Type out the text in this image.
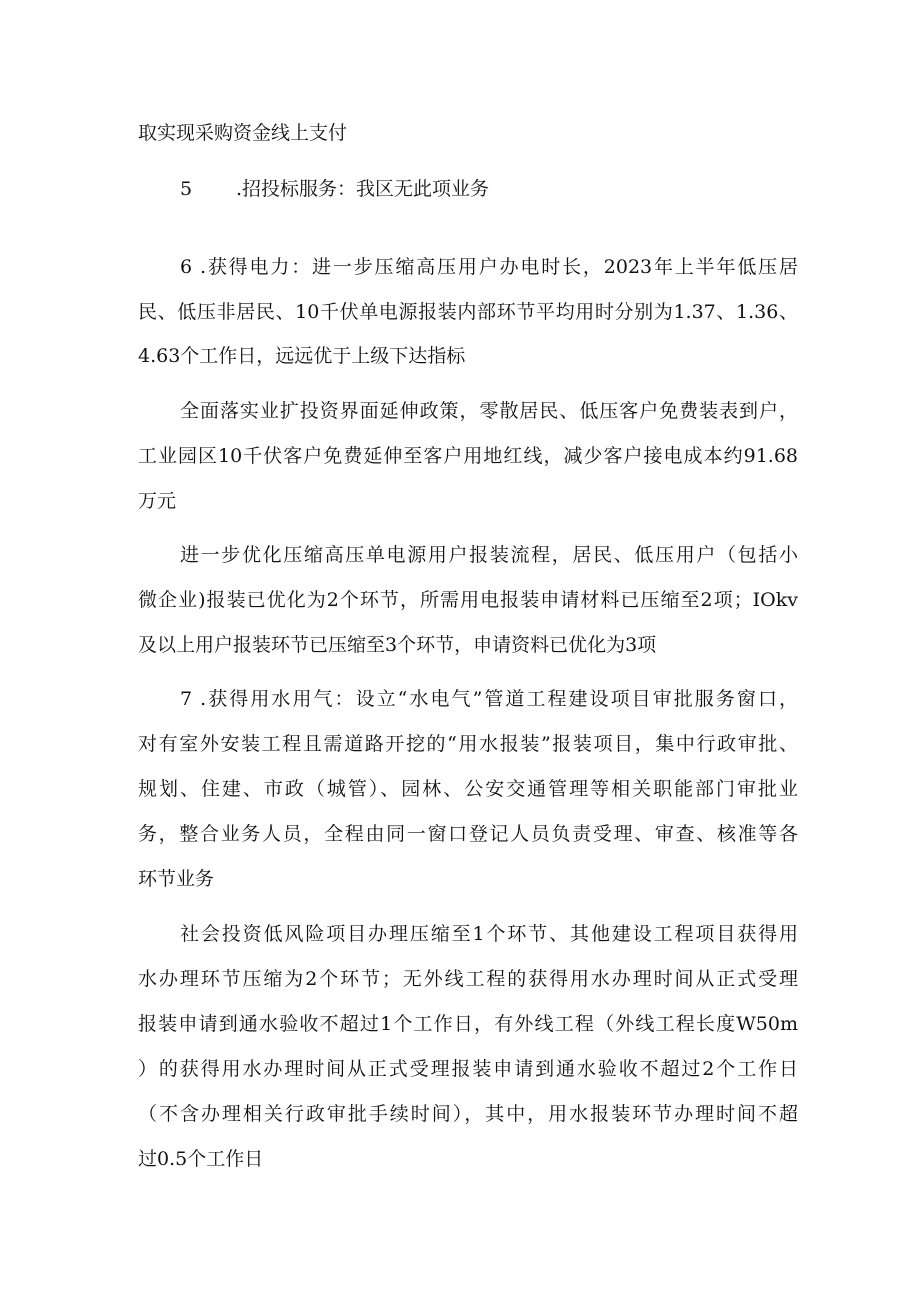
取实现采购资金线上支付
5 .招投标服务：我区无此项业务
6 .获得电力：进一步压缩高压用户办电时长，2023年上半年低压居
民、低压非居民、10千伏单电源报装内部环节平均用时分别为1.37、1.36、
4.63个工作日，远远优于上级下达指标
全面落实业扩投资界面延伸政策，零散居民、低压客户免费装表到户，
工业园区10千伏客户免费延伸至客户用地红线，减少客户接电成本约91.68
万元
进一步优化压缩高压单电源用户报装流程，居民、低压用户（包括小
微企业)报装已优化为2个环节，所需用电报装申请材料已压缩至2项；IOkv
及以上用户报装环节已压缩至3个环节，申请资料已优化为3项
7 .获得用水用气：设立“水电气”管道工程建设项目审批服务窗口，
对有室外安装工程且需道路开挖的“用水报装”报装项目，集中行政审批、
规划、住建、市政（城管）、园林、公安交通管理等相关职能部门审批业
务，整合业务人员，全程由同一窗口登记人员负责受理、审查、核准等各
环节业务
社会投资低风险项目办理压缩至1个环节、其他建设工程项目获得用
水办理环节压缩为2个环节；无外线工程的获得用水办理时间从正式受理
报装申请到通水验收不超过1个工作日，有外线工程（外线工程长度W50m
）的获得用水办理时间从正式受理报装申请到通水验收不超过2个工作日
（不含办理相关行政审批手续时间），其中，用水报装环节办理时间不超
过0.5个工作日
